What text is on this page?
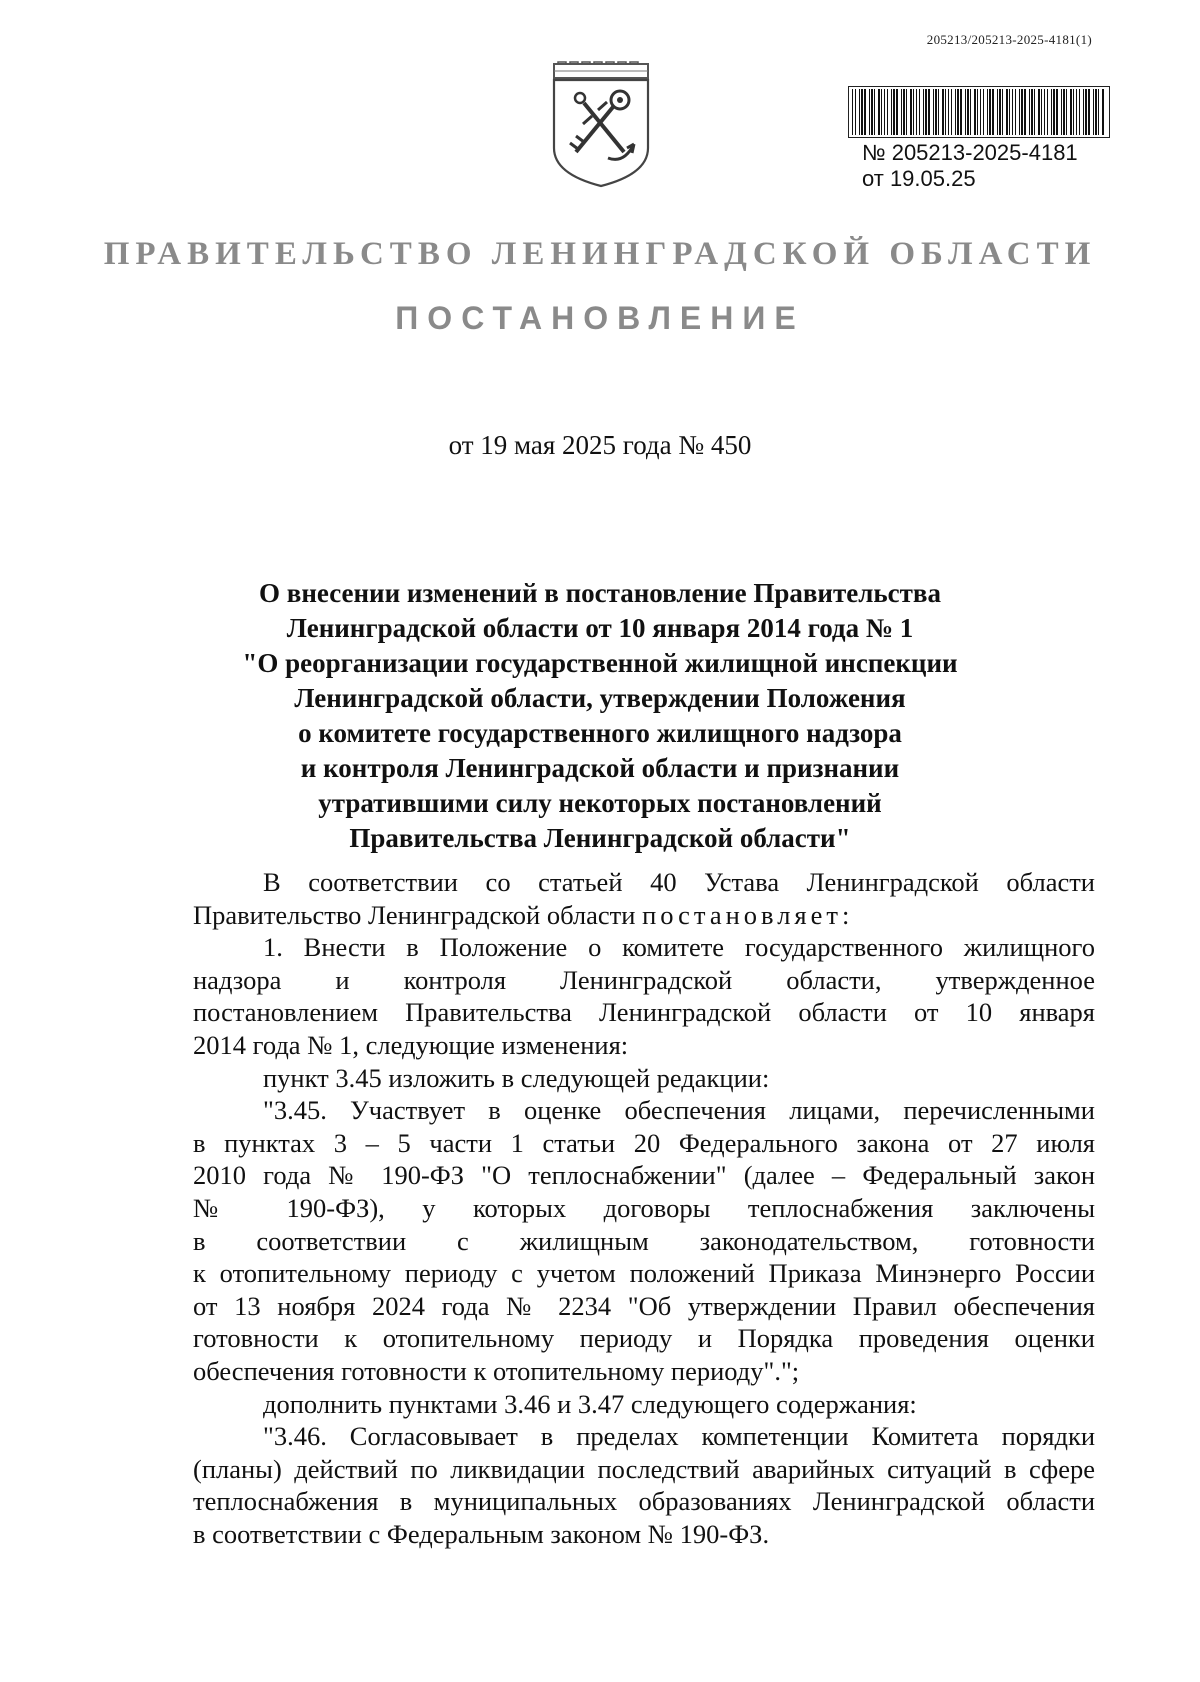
205213/205213-2025-4181(1)
№ 205213-2025-4181
от 19.05.25
ПРАВИТЕЛЬСТВО ЛЕНИНГРАДСКОЙ ОБЛАСТИ
ПОСТАНОВЛЕНИЕ
от 19 мая 2025 года № 450
О внесении изменений в постановление Правительства
Ленинградской области от 10 января 2014 года № 1
"О реорганизации государственной жилищной инспекции
Ленинградской области, утверждении Положения
о комитете государственного жилищного надзора
и контроля Ленинградской области и признании
утратившими силу некоторых постановлений
Правительства Ленинградской области"
В соответствии со статьей 40 Устава Ленинградской области
Правительство Ленинградской области постановляет:
1. Внести в Положение о комитете государственного жилищного
надзора и контроля Ленинградской области, утвержденное
постановлением Правительства Ленинградской области от 10 января
2014 года № 1, следующие изменения:
пункт 3.45 изложить в следующей редакции:
"3.45. Участвует в оценке обеспечения лицами, перечисленными
в пунктах 3 – 5 части 1 статьи 20 Федерального закона от 27 июля
2010 года № 190-ФЗ "О теплоснабжении" (далее – Федеральный закон
№ 190-ФЗ), у которых договоры теплоснабжения заключены
в соответствии с жилищным законодательством, готовности
к отопительному периоду с учетом положений Приказа Минэнерго России
от 13 ноября 2024 года № 2234 "Об утверждении Правил обеспечения
готовности к отопительному периоду и Порядка проведения оценки
обеспечения готовности к отопительному периоду".";
дополнить пунктами 3.46 и 3.47 следующего содержания:
"3.46. Согласовывает в пределах компетенции Комитета порядки
(планы) действий по ликвидации последствий аварийных ситуаций в сфере
теплоснабжения в муниципальных образованиях Ленинградской области
в соответствии с Федеральным законом № 190-ФЗ.
